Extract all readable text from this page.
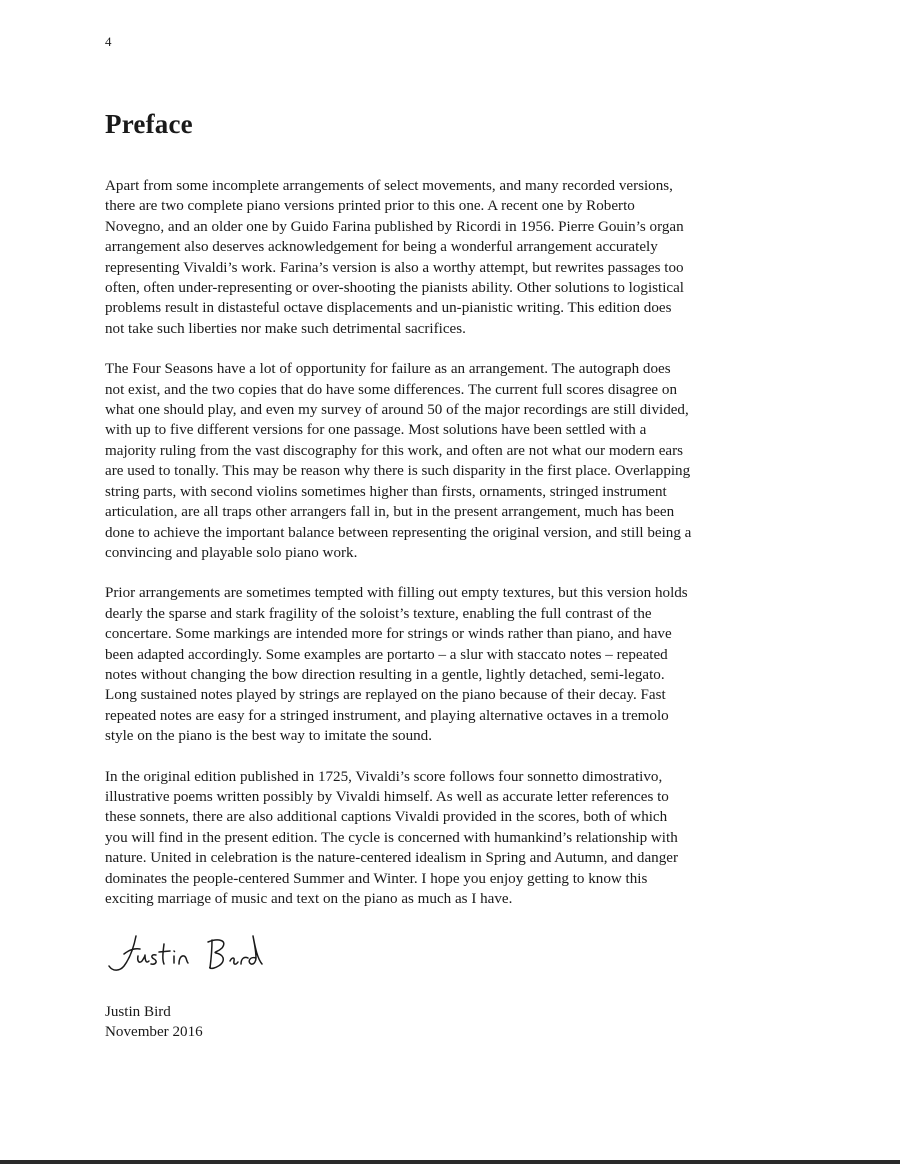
4
Preface

Apart from some incomplete arrangements of select movements, and many recorded versions,
there are two complete piano versions printed prior to this one. A recent one by Roberto
Novegno, and an older one by Guido Farina published by Ricordi in 1956. Pierre Gouin’s organ
arrangement also deserves acknowledgement for being a wonderful arrangement accurately
representing Vivaldi’s work. Farina’s version is also a worthy attempt, but rewrites passages too
often, often under-representing or over-shooting the pianists ability. Other solutions to logistical
problems result in distasteful octave displacements and un-pianistic writing. This edition does
not take such liberties nor make such detrimental sacrifices.

The Four Seasons have a lot of opportunity for failure as an arrangement. The autograph does
not exist, and the two copies that do have some differences. The current full scores disagree on
what one should play, and even my survey of around 50 of the major recordings are still divided,
with up to five different versions for one passage. Most solutions have been settled with a
majority ruling from the vast discography for this work, and often are not what our modern ears
are used to tonally. This may be reason why there is such disparity in the first place. Overlapping
string parts, with second violins sometimes higher than firsts, ornaments, stringed instrument
articulation, are all traps other arrangers fall in, but in the present arrangement, much has been
done to achieve the important balance between representing the original version, and still being a
convincing and playable solo piano work.

Prior arrangements are sometimes tempted with filling out empty textures, but this version holds
dearly the sparse and stark fragility of the soloist’s texture, enabling the full contrast of the
concertare. Some markings are intended more for strings or winds rather than piano, and have
been adapted accordingly. Some examples are portarto – a slur with staccato notes – repeated
notes without changing the bow direction resulting in a gentle, lightly detached, semi-legato.
Long sustained notes played by strings are replayed on the piano because of their decay. Fast
repeated notes are easy for a stringed instrument, and playing alternative octaves in a tremolo
style on the piano is the best way to imitate the sound.

In the original edition published in 1725, Vivaldi’s score follows four sonnetto dimostrativo,
illustrative poems written possibly by Vivaldi himself. As well as accurate letter references to
these sonnets, there are also additional captions Vivaldi provided in the scores, both of which
you will find in the present edition. The cycle is concerned with humankind’s relationship with
nature. United in celebration is the nature-centered idealism in Spring and Autumn, and danger
dominates the people-centered Summer and Winter. I hope you enjoy getting to know this
exciting marriage of music and text on the piano as much as I have.

Justin Bird
November 2016
